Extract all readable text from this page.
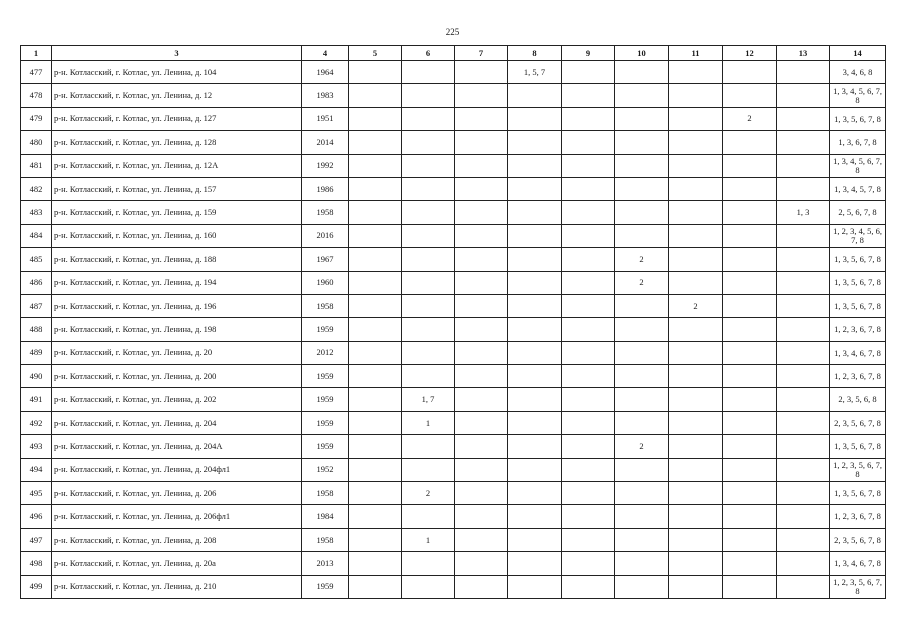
225
1	3	4	5	6	7	8	9	10	11	12	13	14
477	р-н. Котласский, г. Котлас, ул. Ленина, д. 104	1964				1, 5, 7						3, 4, 6, 8
478	р-н. Котласский, г. Котлас, ул. Ленина, д. 12	1983										1, 3, 4, 5, 6, 7, 8
479	р-н. Котласский, г. Котлас, ул. Ленина, д. 127	1951								2		1, 3, 5, 6, 7, 8
480	р-н. Котласский, г. Котлас, ул. Ленина, д. 128	2014										1, 3, 6, 7, 8
481	р-н. Котласский, г. Котлас, ул. Ленина, д. 12А	1992										1, 3, 4, 5, 6, 7, 8
482	р-н. Котласский, г. Котлас, ул. Ленина, д. 157	1986										1, 3, 4, 5, 7, 8
483	р-н. Котласский, г. Котлас, ул. Ленина, д. 159	1958									1, 3	2, 5, 6, 7, 8
484	р-н. Котласский, г. Котлас, ул. Ленина, д. 160	2016										1, 2, 3, 4, 5, 6, 7, 8
485	р-н. Котласский, г. Котлас, ул. Ленина, д. 188	1967						2				1, 3, 5, 6, 7, 8
486	р-н. Котласский, г. Котлас, ул. Ленина, д. 194	1960						2				1, 3, 5, 6, 7, 8
487	р-н. Котласский, г. Котлас, ул. Ленина, д. 196	1958							2			1, 3, 5, 6, 7, 8
488	р-н. Котласский, г. Котлас, ул. Ленина, д. 198	1959										1, 2, 3, 6, 7, 8
489	р-н. Котласский, г. Котлас, ул. Ленина, д. 20	2012										1, 3, 4, 6, 7, 8
490	р-н. Котласский, г. Котлас, ул. Ленина, д. 200	1959										1, 2, 3, 6, 7, 8
491	р-н. Котласский, г. Котлас, ул. Ленина, д. 202	1959		1, 7								2, 3, 5, 6, 8
492	р-н. Котласский, г. Котлас, ул. Ленина, д. 204	1959		1								2, 3, 5, 6, 7, 8
493	р-н. Котласский, г. Котлас, ул. Ленина, д. 204А	1959						2				1, 3, 5, 6, 7, 8
494	р-н. Котласский, г. Котлас, ул. Ленина, д. 204фл1	1952										1, 2, 3, 5, 6, 7, 8
495	р-н. Котласский, г. Котлас, ул. Ленина, д. 206	1958		2								1, 3, 5, 6, 7, 8
496	р-н. Котласский, г. Котлас, ул. Ленина, д. 206фл1	1984										1, 2, 3, 6, 7, 8
497	р-н. Котласский, г. Котлас, ул. Ленина, д. 208	1958		1								2, 3, 5, 6, 7, 8
498	р-н. Котласский, г. Котлас, ул. Ленина, д. 20а	2013										1, 3, 4, 6, 7, 8
499	р-н. Котласский, г. Котлас, ул. Ленина, д. 210	1959										1, 2, 3, 5, 6, 7, 8
